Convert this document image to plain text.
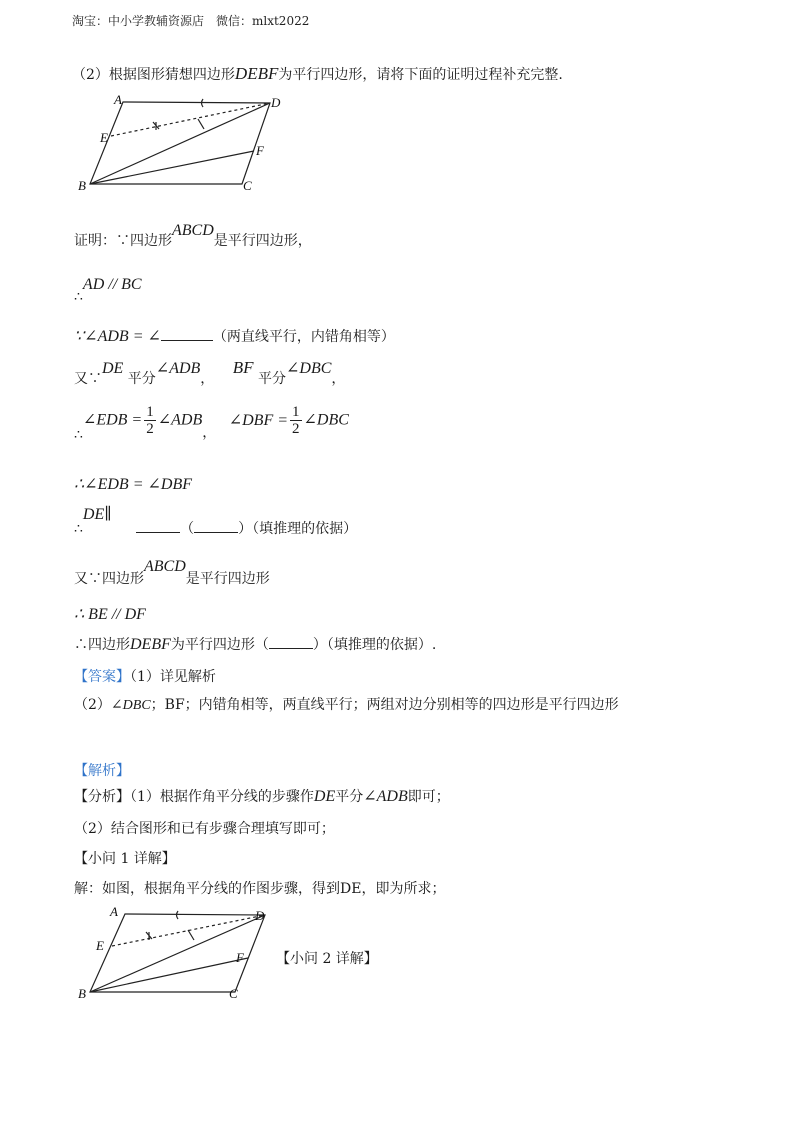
淘宝：中小学教辅资源店　微信：mlxt2022
（2）根据图形猜想四边形DEBF为平行四边形，请将下面的证明过程补充完整.
A	D
E
F
B	C
证明：∵四边形ABCD是平行四边形，
∴AD // BC
∵∠ADB = ∠	（两直线平行，内错角相等）
又∵DE 平分∠ADB， BF 平分∠DBC，
∴∠EDB = $\frac{1}{2}$ ∠ADB， ∠DBF = $\frac{1}{2}$ ∠DBC
∴∠EDB = ∠DBF
∴DE∥ （	）（填推理的依据）
又∵四边形ABCD是平行四边形
∴ BE // DF
∴四边形DEBF为平行四边形（	）（填推理的依据）.
【答案】（1）详见解析
（2）∠DBC；BF；内错角相等，两直线平行；两组对边分别相等的四边形是平行四边形
【解析】
【分析】（1）根据作角平分线的步骤作DE平分∠ADB即可；
（2）结合图形和已有步骤合理填写即可；
【小问 1 详解】
解：如图，根据角平分线的作图步骤，得到DE，即为所求；
A	D
E
F
B	C
【小问 2 详解】
